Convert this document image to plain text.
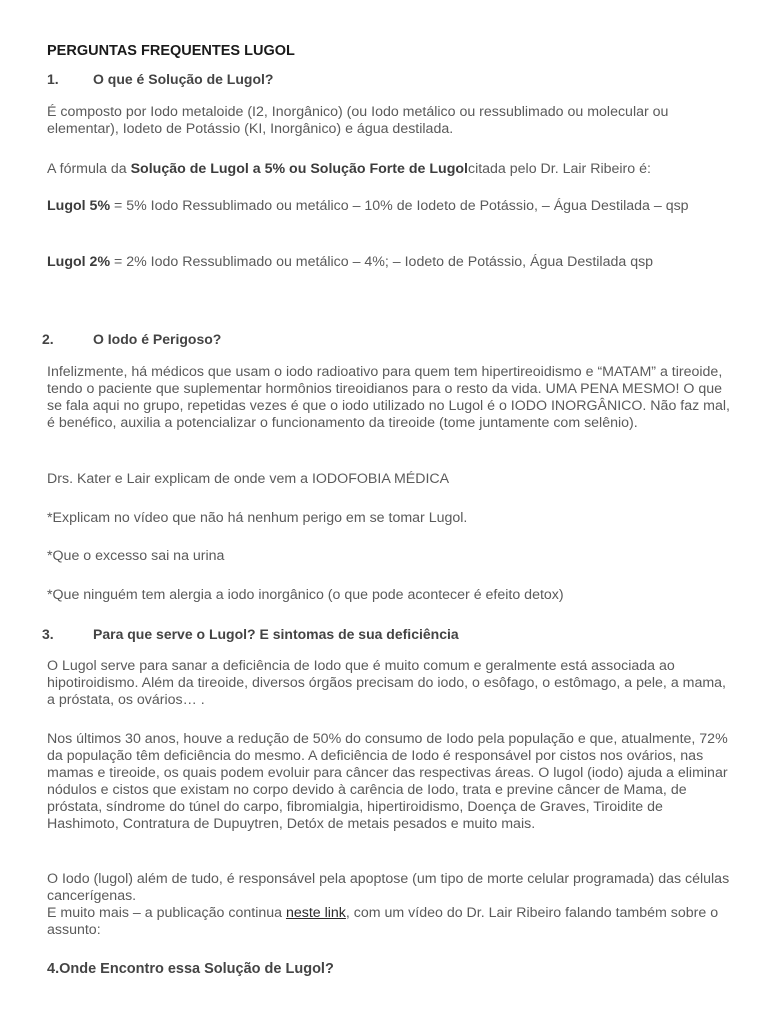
PERGUNTAS FREQUENTES LUGOL

1. O que é Solução de Lugol?

É composto por Iodo metaloide (I2, Inorgânico) (ou Iodo metálico ou ressublimado ou molecular ou elementar), Iodeto de Potássio (KI, Inorgânico) e água destilada.

A fórmula da Solução de Lugol a 5% ou Solução Forte de Lugolcitada pelo Dr. Lair Ribeiro é:

Lugol 5% = 5% Iodo Ressublimado ou metálico – 10% de Iodeto de Potássio, – Água Destilada – qsp

Lugol 2% = 2% Iodo Ressublimado ou metálico – 4%; – Iodeto de Potássio, Água Destilada qsp

2.	O Iodo é Perigoso?

Infelizmente, há médicos que usam o iodo radioativo para quem tem hipertireoidismo e “MATAM” a tireoide, tendo o paciente que suplementar hormônios tireoidianos para o resto da vida. UMA PENA MESMO! O que se fala aqui no grupo, repetidas vezes é que o iodo utilizado no Lugol é o IODO INORGÂNICO. Não faz mal, é benéfico, auxilia a potencializar o funcionamento da tireoide (tome juntamente com selênio).

Drs. Kater e Lair explicam de onde vem a IODOFOBIA MÉDICA

*Explicam no vídeo que não há nenhum perigo em se tomar Lugol.

*Que o excesso sai na urina

*Que ninguém tem alergia a iodo inorgânico (o que pode acontecer é efeito detox)

3.	Para que serve o Lugol? E sintomas de sua deficiência

O Lugol serve para sanar a deficiência de Iodo que é muito comum e geralmente está associada ao hipotiroidismo. Além da tireoide, diversos órgãos precisam do iodo, o esôfago, o estômago, a pele, a mama, a próstata, os ovários… .

Nos últimos 30 anos, houve a redução de 50% do consumo de Iodo pela população e que, atualmente, 72% da população têm deficiência do mesmo. A deficiência de Iodo é responsável por cistos nos ovários, nas mamas e tireoide, os quais podem evoluir para câncer das respectivas áreas. O lugol (iodo) ajuda a eliminar nódulos e cistos que existam no corpo devido à carência de Iodo, trata e previne câncer de Mama, de próstata, síndrome do túnel do carpo, fibromialgia, hipertiroidismo, Doença de Graves, Tiroidite de Hashimoto, Contratura de Dupuytren, Detóx de metais pesados e muito mais.

O Iodo (lugol) além de tudo, é responsável pela apoptose (um tipo de morte celular programada) das células cancerígenas.
E muito mais – a publicação continua neste link, com um vídeo do Dr. Lair Ribeiro falando também sobre o assunto:

4.Onde Encontro essa Solução de Lugol?
